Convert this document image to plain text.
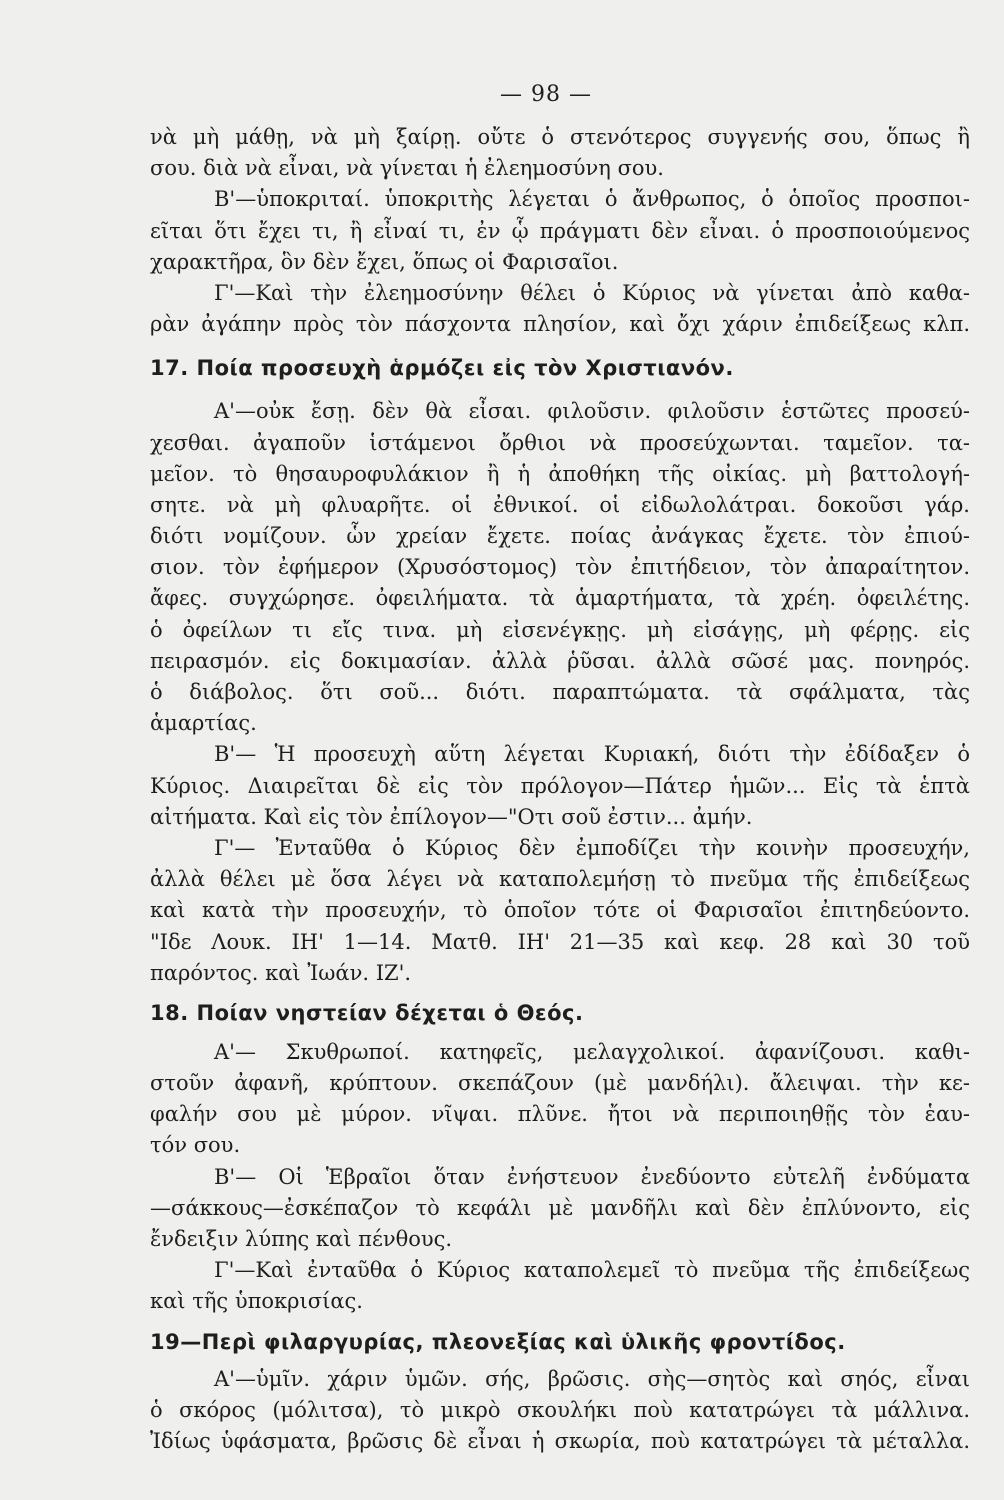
— 98 —
νὰ μὴ μάθῃ, νὰ μὴ ξαίρῃ. οὔτε ὁ στενότερος συγγενής σου, ὅπως ἢ
σου. διὰ νὰ εἶναι, νὰ γίνεται ἡ ἐλεημοσύνη σου.
Β'—ὑποκριταί. ὑποκριτὴς λέγεται ὁ ἄνθρωπος, ὁ ὁποῖος προσποι-
εῖται ὅτι ἔχει τι, ἢ εἶναί τι, ἐν ᾧ πράγματι δὲν εἶναι. ὁ προσποιούμενος
χαρακτῆρα, ὃν δὲν ἔχει, ὅπως οἱ Φαρισαῖοι.
Γ'—Καὶ τὴν ἐλεημοσύνην θέλει ὁ Κύριος νὰ γίνεται ἀπὸ καθα-
ρὰν ἀγάπην πρὸς τὸν πάσχοντα πλησίον, καὶ ὄχι χάριν ἐπιδείξεως κλπ.
17. Ποία προσευχὴ ἁρμόζει εἰς τὸν Χριστιανόν.
Α'—οὐκ ἔσῃ. δὲν θὰ εἶσαι. φιλοῦσιν. φιλοῦσιν ἑστῶτες προσεύ-
χεσθαι. ἀγαποῦν ἱστάμενοι ὄρθιοι νὰ προσεύχωνται. ταμεῖον. τα-
μεῖον. τὸ θησαυροφυλάκιον ἢ ἡ ἀποθήκη τῆς οἰκίας. μὴ βαττολογή-
σητε. νὰ μὴ φλυαρῆτε. οἱ ἐθνικοί. οἱ εἰδωλολάτραι. δοκοῦσι γάρ.
διότι νομίζουν. ὧν χρείαν ἔχετε. ποίας ἀνάγκας ἔχετε. τὸν ἐπιού-
σιον. τὸν ἐφήμερον (Χρυσόστομος) τὸν ἐπιτήδειον, τὸν ἀπαραίτητον.
ἄφες. συγχώρησε. ὀφειλήματα. τὰ ἁμαρτήματα, τὰ χρέη. ὀφειλέτης.
ὁ ὀφείλων τι εἴς τινα. μὴ εἰσενέγκῃς. μὴ εἰσάγῃς, μὴ φέρῃς. εἰς
πειρασμόν. εἰς δοκιμασίαν. ἀλλὰ ῥῦσαι. ἀλλὰ σῶσέ μας. πονηρός.
ὁ διάβολος. ὅτι σοῦ... διότι. παραπτώματα. τὰ σφάλματα, τὰς
ἁμαρτίας.
Β'— Ἡ προσευχὴ αὕτη λέγεται Κυριακή, διότι τὴν ἐδίδαξεν ὁ
Κύριος. Διαιρεῖται δὲ εἰς τὸν πρόλογον—Πάτερ ἡμῶν... Εἰς τὰ ἑπτὰ
αἰτήματα. Καὶ εἰς τὸν ἐπίλογον—"Οτι σοῦ ἐστιν... ἀμήν.
Γ'— Ἐνταῦθα ὁ Κύριος δὲν ἐμποδίζει τὴν κοινὴν προσευχήν,
ἀλλὰ θέλει μὲ ὅσα λέγει νὰ καταπολεμήσῃ τὸ πνεῦμα τῆς ἐπιδείξεως
καὶ κατὰ τὴν προσευχήν, τὸ ὁποῖον τότε οἱ Φαρισαῖοι ἐπιτηδεύοντο.
"Ιδε Λουκ. ΙΗ' 1—14. Ματθ. ΙΗ' 21—35 καὶ κεφ. 28 καὶ 30 τοῦ
παρόντος. καὶ Ἰωάν. ΙΖ'.
18. Ποίαν νηστείαν δέχεται ὁ Θεός.
Α'— Σκυθρωποί. κατηφεῖς, μελαγχολικοί. ἀφανίζουσι. καθι-
στοῦν ἀφανῆ, κρύπτουν. σκεπάζουν (μὲ μανδήλι). ἄλειψαι. τὴν κε-
φαλήν σου μὲ μύρον. νῖψαι. πλῦνε. ἤτοι νὰ περιποιηθῇς τὸν ἑαυ-
τόν σου.
Β'— Οἱ Ἑβραῖοι ὅταν ἐνήστευον ἐνεδύοντο εὐτελῆ ἐνδύματα
—σάκκους—ἐσκέπαζον τὸ κεφάλι μὲ μανδῆλι καὶ δὲν ἐπλύνοντο, εἰς
ἔνδειξιν λύπης καὶ πένθους.
Γ'—Καὶ ἐνταῦθα ὁ Κύριος καταπολεμεῖ τὸ πνεῦμα τῆς ἐπιδείξεως
καὶ τῆς ὑποκρισίας.
19—Περὶ φιλαργυρίας, πλεονεξίας καὶ ὑλικῆς φροντίδος.
Α'—ὑμῖν. χάριν ὑμῶν. σής, βρῶσις. σὴς—σητὸς καὶ σηός, εἶναι
ὁ σκόρος (μόλιτσα), τὸ μικρὸ σκουλήκι ποὺ κατατρώγει τὰ μάλλινα.
Ἰδίως ὑφάσματα, βρῶσις δὲ εἶναι ἡ σκωρία, ποὺ κατατρώγει τὰ μέταλλα.
